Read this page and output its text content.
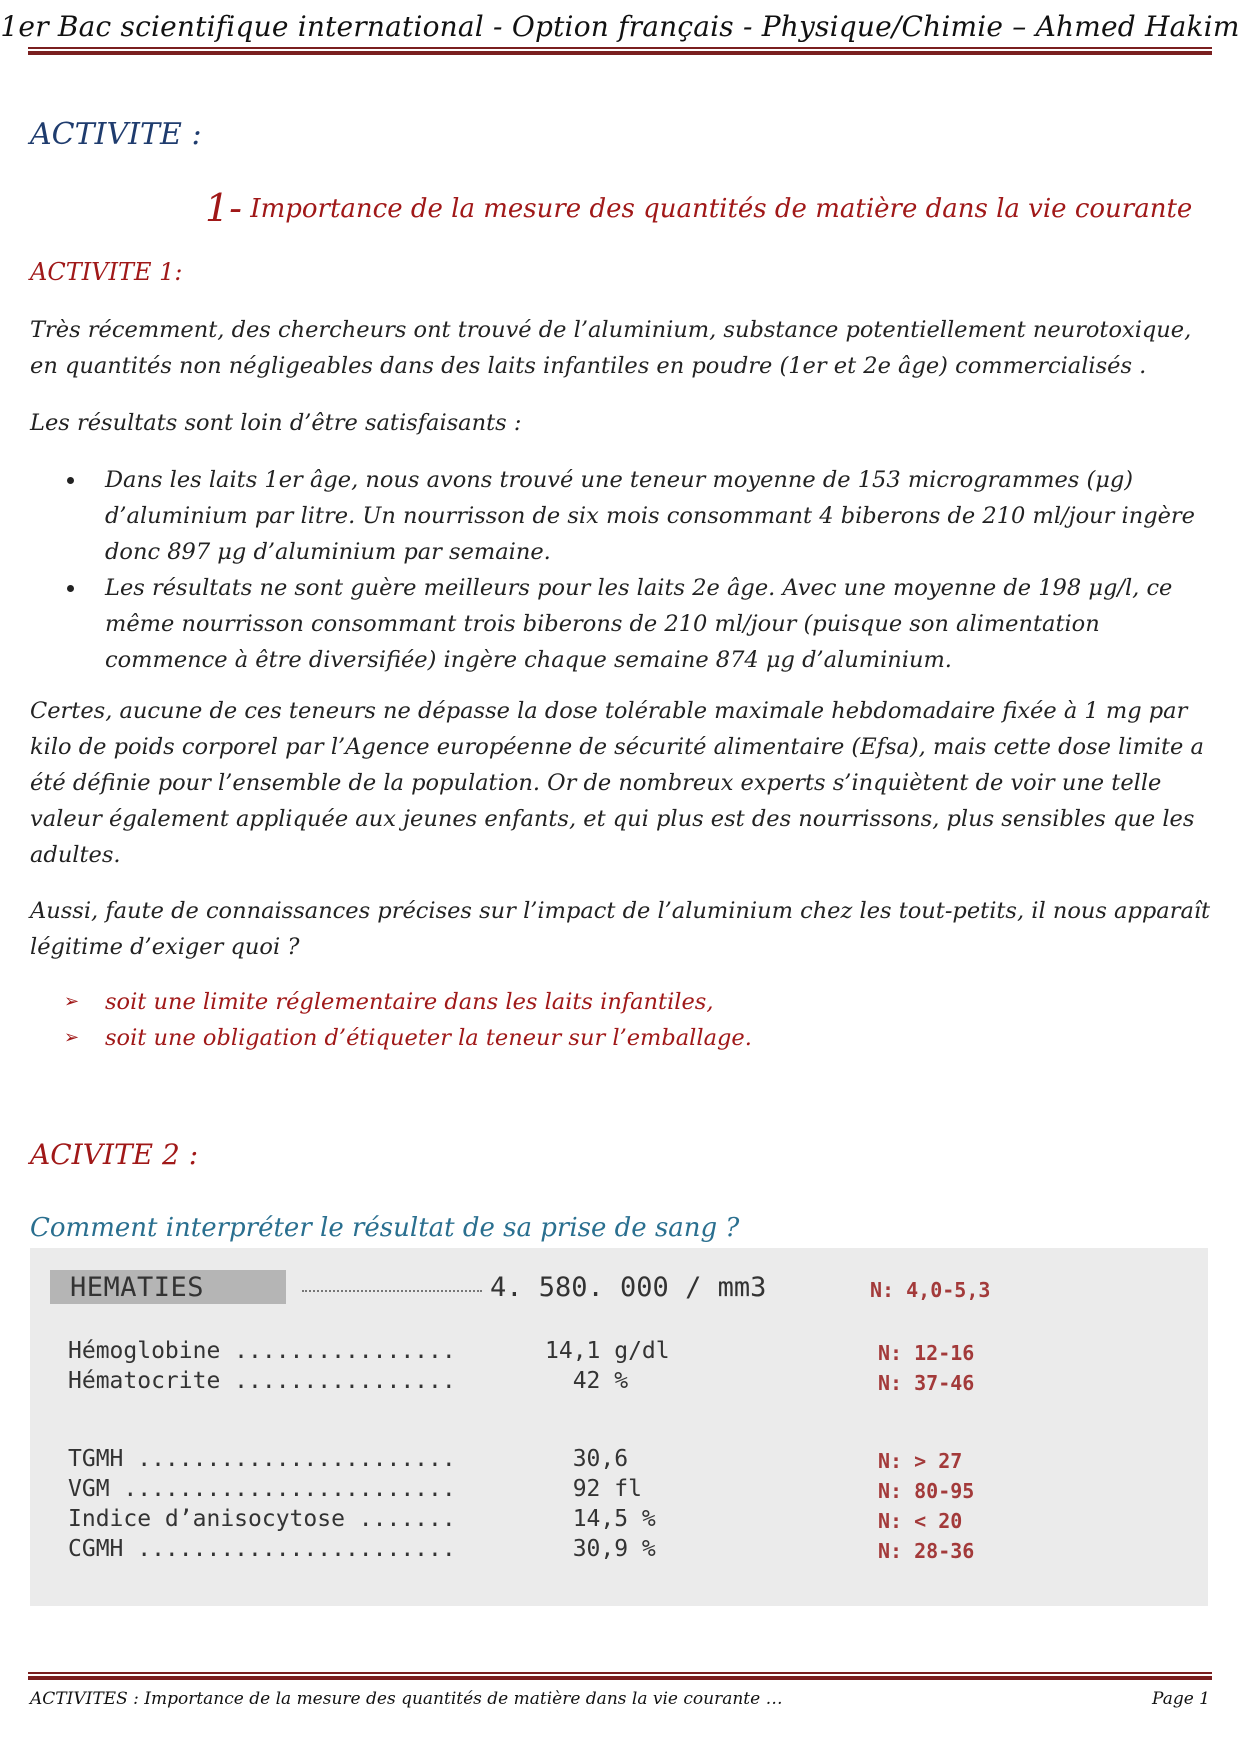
1er Bac scientifique international - Option français - Physique/Chimie – Ahmed Hakim
ACTIVITE :
1- Importance de la mesure des quantités de matière dans la vie courante
ACTIVITE 1:
Très récemment, des chercheurs ont trouvé de l’aluminium, substance potentiellement neurotoxique, en quantités non négligeables dans des laits infantiles en poudre (1er et 2e âge) commercialisés .
Les résultats sont loin d’être satisfaisants :
Dans les laits 1er âge, nous avons trouvé une teneur moyenne de 153 microgrammes (μg) d’aluminium par litre. Un nourrisson de six mois consommant 4 biberons de 210 ml/jour ingère donc 897 μg d’aluminium par semaine.
Les résultats ne sont guère meilleurs pour les laits 2e âge. Avec une moyenne de 198 μg/l, ce même nourrisson consommant trois biberons de 210 ml/jour (puisque son alimentation commence à être diversifiée) ingère chaque semaine 874 μg d’aluminium.
Certes, aucune de ces teneurs ne dépasse la dose tolérable maximale hebdomadaire fixée à 1 mg par kilo de poids corporel par l’Agence européenne de sécurité alimentaire (Efsa), mais cette dose limite a été définie pour l’ensemble de la population. Or de nombreux experts s’inquiètent de voir une telle valeur également appliquée aux jeunes enfants, et qui plus est des nourrissons, plus sensibles que les adultes.
Aussi, faute de connaissances précises sur l’impact de l’aluminium chez les tout-petits, il nous apparaît légitime d’exiger quoi ?
➢ soit une limite réglementaire dans les laits infantiles,
➢ soit une obligation d’étiqueter la teneur sur l’emballage.
ACIVITE 2 :
Comment interpréter le résultat de sa prise de sang ?
HEMATIES	4. 580. 000 / mm3	N: 4,0-5,3
Hémoglobine ................	14,1 g/dl	N: 12-16
Hématocrite ................	42 %	N: 37-46
TGMH .......................	30,6	N: > 27
VGM ........................	92 fl	N: 80-95
Indice d’anisocytose .......	14,5 %	N: < 20
CGMH .......................	30,9 %	N: 28-36
ACTIVITES : Importance de la mesure des quantités de matière dans la vie courante …	Page 1
